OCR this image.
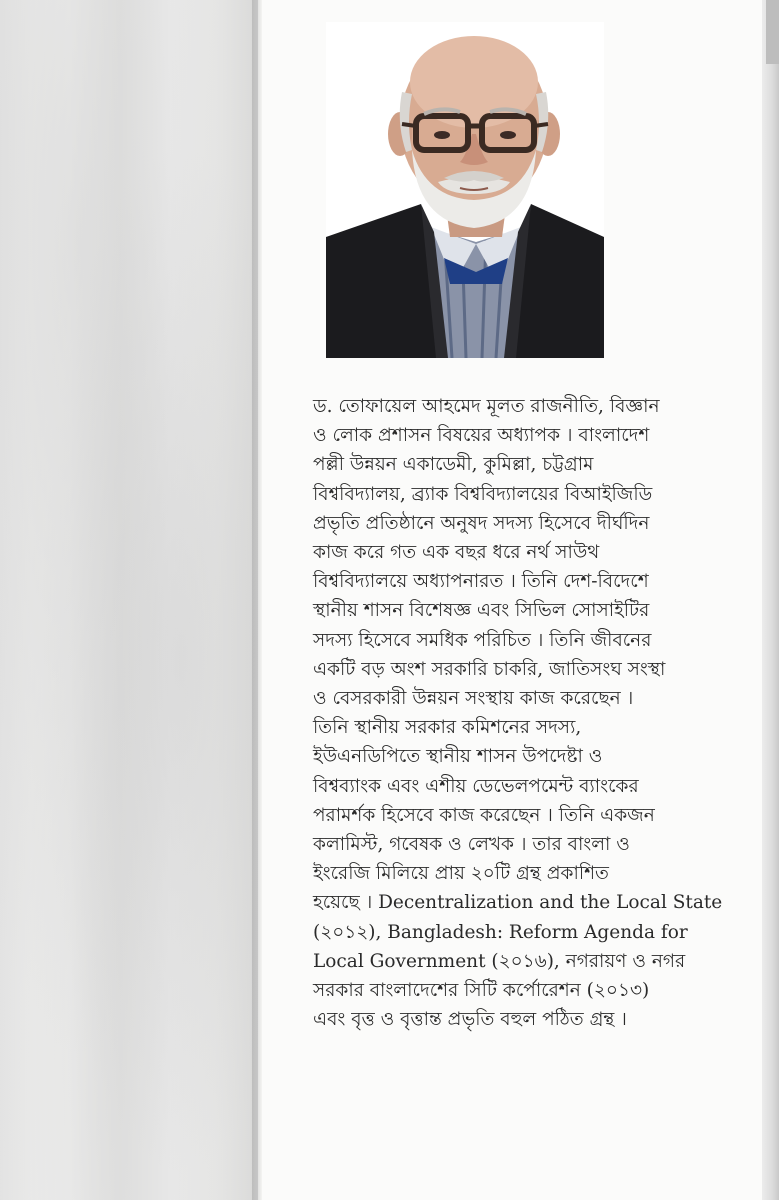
ড. তোফায়েল আহমেদ মূলত রাজনীতি, বিজ্ঞান
ও লোক প্রশাসন বিষয়ের অধ্যাপক । বাংলাদেশ
পল্লী উন্নয়ন একাডেমী, কুমিল্লা, চট্টগ্রাম
বিশ্ববিদ্যালয়, ব্র্যাক বিশ্ববিদ্যালয়ের বিআইজিডি
প্রভৃতি প্রতিষ্ঠানে অনুষদ সদস্য হিসেবে দীর্ঘদিন
কাজ করে গত এক বছর ধরে নর্থ সাউথ
বিশ্ববিদ্যালয়ে অধ্যাপনারত । তিনি দেশ-বিদেশে
স্থানীয় শাসন বিশেষজ্ঞ এবং সিভিল সোসাইটির
সদস্য হিসেবে সমধিক পরিচিত । তিনি জীবনের
একটি বড় অংশ সরকারি চাকরি, জাতিসংঘ সংস্থা
ও বেসরকারী উন্নয়ন সংস্থায় কাজ করেছেন ।
তিনি স্থানীয় সরকার কমিশনের সদস্য,
ইউএনডিপিতে স্থানীয় শাসন উপদেষ্টা ও
বিশ্বব্যাংক এবং এশীয় ডেভেলপমেন্ট ব্যাংকের
পরামর্শক হিসেবে কাজ করেছেন । তিনি একজন
কলামিস্ট, গবেষক ও লেখক । তার বাংলা ও
ইংরেজি মিলিয়ে প্রায় ২০টি গ্রন্থ প্রকাশিত
হয়েছে । Decentralization and the Local State
(২০১২), Bangladesh: Reform Agenda for
Local Government (২০১৬), নগরায়ণ ও নগর
সরকার বাংলাদেশের সিটি কর্পোরেশন (২০১৩)
এবং বৃত্ত ও বৃত্তান্ত প্রভৃতি বহুল পঠিত গ্রন্থ ।
